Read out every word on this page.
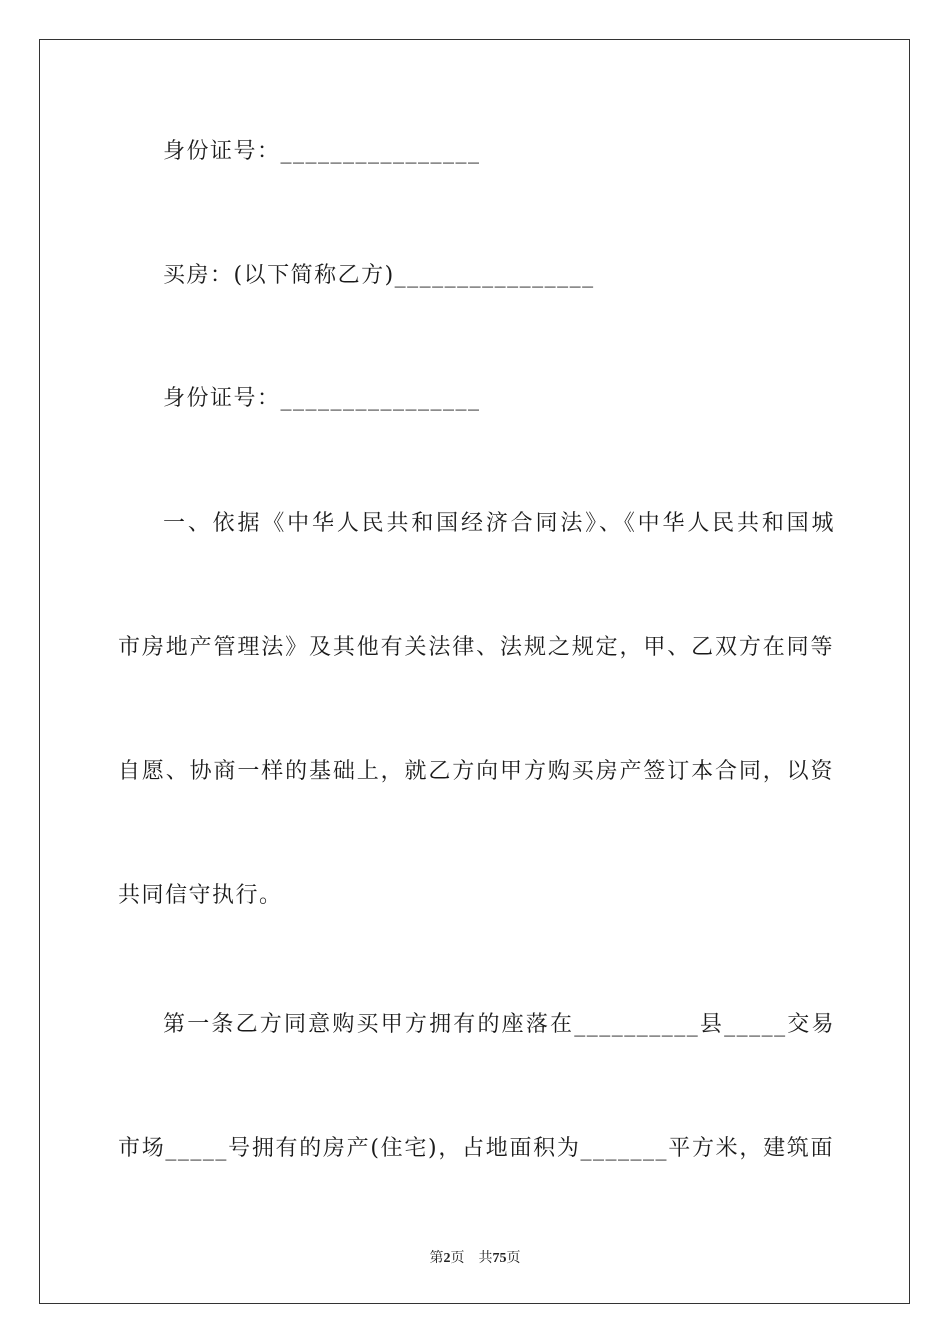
身份证号：________________
买房：(以下简称乙方)________________
身份证号：________________
一、依据《中华人民共和国经济合同法》、《中华人民共和国城
市房地产管理法》及其他有关法律、法规之规定，甲、乙双方在同等
自愿、协商一样的基础上，就乙方向甲方购买房产签订本合同，以资
共同信守执行。
第一条乙方同意购买甲方拥有的座落在__________县_____交易
市场_____号拥有的房产(住宅)，占地面积为_______平方米，建筑面
第2页　共75页
